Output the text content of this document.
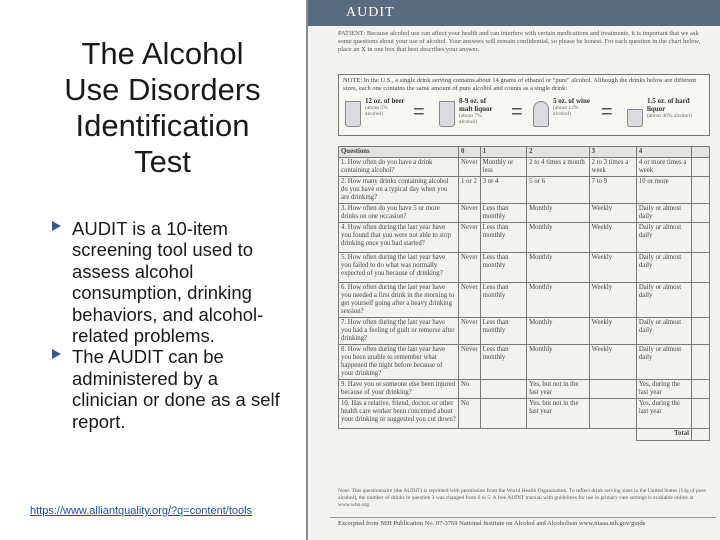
The Alcohol
Use Disorders
Identification
Test
AUDIT is a 10-item screening tool used to assess alcohol consumption, drinking behaviors, and alcohol-related problems.
The AUDIT can be administered by a clinician or done as a self report.
https://www.alliantquality.org/?q=content/tools
AUDIT
PATIENT: Because alcohol use can affect your health and can interfere with certain medications and treatments, it is important that we ask some questions about your use of alcohol. Your answers will remain confidential, so please be honest. For each question in the chart below, place an X in one box that best describes your answer.
NOTE: In the U.S., a single drink serving contains about 14 grams of ethanol or "pure" alcohol. Although the drinks below are different sizes, each one contains the same amount of pure alcohol and counts as a single drink:
12 oz. of beer
(about 5% alcohol)	=	8-9 oz. of malt liquor
(about 7% alcohol)	=	5 oz. of wine
(about 12% alcohol)	=	1.5 oz. of hard liquor
(about 40% alcohol)
Questions	0	1	2	3	4	
1. How often do you have a drink containing alcohol?	Never	Monthly or less	2 to 4 times a month	2 to 3 times a week	4 or more times a week	
2. How many drinks containing alcohol do you have on a typical day when you are drinking?	1 or 2	3 or 4	5 or 6	7 to 9	10 or more	
3. How often do you have 5 or more drinks on one occasion?	Never	Less than monthly	Monthly	Weekly	Daily or almost daily	
4. How often during the last year have you found that you were not able to stop drinking once you had started?	Never	Less than monthly	Monthly	Weekly	Daily or almost daily	
5. How often during the last year have you failed to do what was normally expected of you because of drinking?	Never	Less than monthly	Monthly	Weekly	Daily or almost daily	
6. How often during the last year have you needed a first drink in the morning to get yourself going after a heavy drinking session?	Never	Less than monthly	Monthly	Weekly	Daily or almost daily	
7. How often during the last year have you had a feeling of guilt or remorse after drinking?	Never	Less than monthly	Monthly	Weekly	Daily or almost daily	
8. How often during the last year have you been unable to remember what happened the night before because of your drinking?	Never	Less than monthly	Monthly	Weekly	Daily or almost daily	
9. Have you or someone else been injured because of your drinking?	No		Yes, but not in the last year		Yes, during the last year	
10. Has a relative, friend, doctor, or other health care worker been concerned about your drinking or suggested you cut down?	No		Yes, but not in the last year		Yes, during the last year	
					Total	
Note: This questionnaire (the AUDIT) is reprinted with permission from the World Health Organization. To reflect drink serving sizes in the United States (14g of pure alcohol), the number of drinks in question 3 was changed from 6 to 5. A free AUDIT manual with guidelines for use in primary care settings is available online at www.who.org.
Excerpted from NIH Publication No. 07-3769 National Institute on Alcohol and Alcoholism www.niaaa.nih.gov/guide
